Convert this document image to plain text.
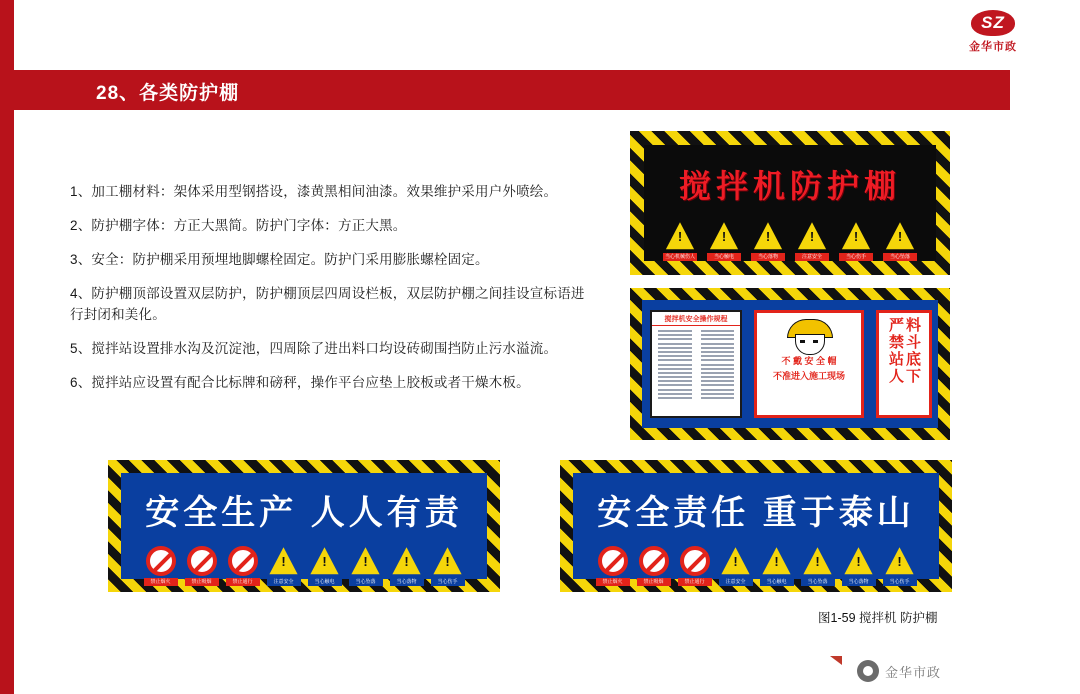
SZ
金华市政
28、各类防护棚
1、加工棚材料：架体采用型钢搭设，漆黄黑相间油漆。效果维护采用户外喷绘。
2、防护棚字体：方正大黑简。防护门字体：方正大黑。
3、安全：防护棚采用预埋地脚螺栓固定。防护门采用膨胀螺栓固定。
4、防护棚顶部设置双层防护，防护棚顶层四周设栏板，双层防护棚之间挂设宣标语进行封闭和美化。
5、搅拌站设置排水沟及沉淀池，四周除了进出料口均设砖砌围挡防止污水溢流。
6、搅拌站应设置有配合比标牌和磅秤，操作平台应垫上胶板或者干燥木板。
搅拌机防护棚
!
当心机械伤人
!	当心触电
!	当心落物
!	注意安全
!	当心伤手
!	当心坠落
搅拌机安全操作规程
不 戴 安 全 帽
不准进入施工现场	严禁站人 料斗底下
安全生产 人人有责
禁止烟火	禁止吸烟	禁止通行
!	注意安全
!	当心触电
!	当心坠落
!	当心落物
!	当心伤手
安全责任 重于泰山
禁止烟火	禁止吸烟	禁止通行
!	注意安全
!	当心触电
!	当心坠落
!	当心落物
!	当心伤手
图1-59 搅拌机 防护棚
金华市政
